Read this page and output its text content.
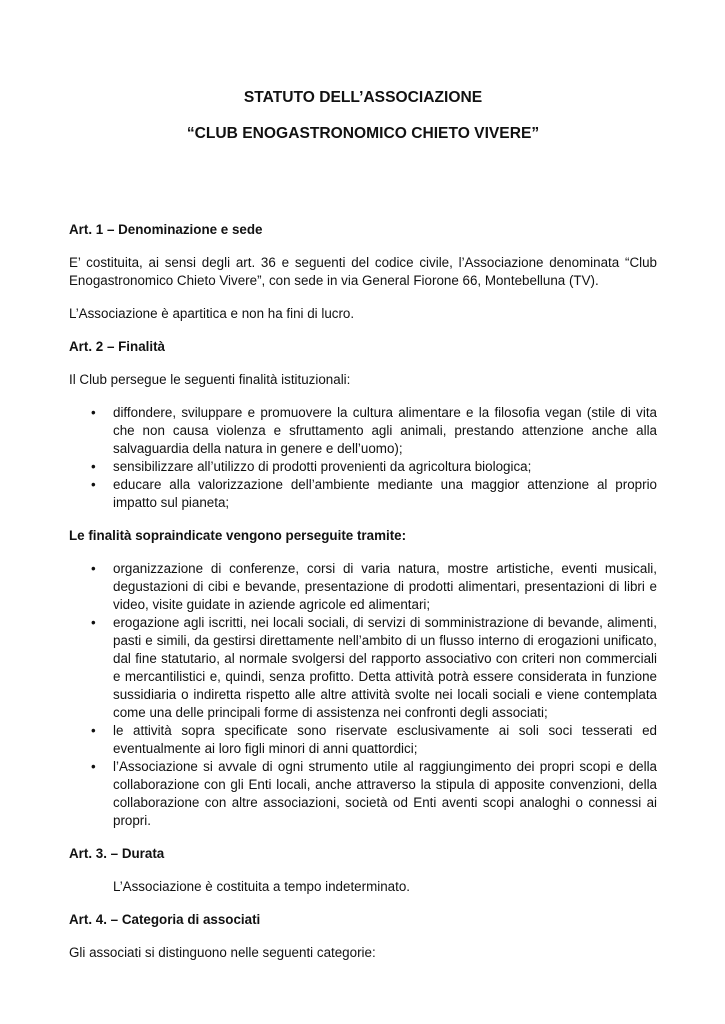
STATUTO DELL’ASSOCIAZIONE

“CLUB ENOGASTRONOMICO CHIETO VIVERE”

Art. 1 – Denominazione e sede

E’ costituita, ai sensi degli art. 36 e seguenti del codice civile, l’Associazione denominata “Club Enogastronomico Chieto Vivere”, con sede in via General Fiorone 66, Montebelluna (TV).

L’Associazione è apartitica e non ha fini di lucro.

Art. 2 – Finalità

Il Club persegue le seguenti finalità istituzionali:

• diffondere, sviluppare e promuovere la cultura alimentare e la filosofia vegan (stile di vita che non causa violenza e sfruttamento agli animali, prestando attenzione anche alla salvaguardia della natura in genere e dell’uomo);
• sensibilizzare all’utilizzo di prodotti provenienti da agricoltura biologica;
• educare alla valorizzazione dell’ambiente mediante una maggior attenzione al proprio impatto sul pianeta;
Le finalità sopraindicate vengono perseguite tramite:
• organizzazione di conferenze, corsi di varia natura, mostre artistiche, eventi musicali, degustazioni di cibi e bevande, presentazione di prodotti alimentari, presentazioni di libri e video, visite guidate in aziende agricole ed alimentari;
• erogazione agli iscritti, nei locali sociali, di servizi di somministrazione di bevande, alimenti, pasti e simili, da gestirsi direttamente nell’ambito di un flusso interno di erogazioni unificato, dal fine statutario, al normale svolgersi del rapporto associativo con criteri non commerciali e mercantilistici e, quindi, senza profitto. Detta attività potrà essere considerata in funzione sussidiaria o indiretta rispetto alle altre attività svolte nei locali sociali e viene contemplata come una delle principali forme di assistenza nei confronti degli associati;
• le attività sopra specificate sono riservate esclusivamente ai soli soci tesserati ed eventualmente ai loro figli minori di anni quattordici;
• l’Associazione si avvale di ogni strumento utile al raggiungimento dei propri scopi e della collaborazione con gli Enti locali, anche attraverso la stipula di apposite convenzioni, della collaborazione con altre associazioni, società od Enti aventi scopi analoghi o connessi ai propri.
Art. 3. – Durata

L’Associazione è costituita a tempo indeterminato.

Art. 4. – Categoria di associati

Gli associati si distinguono nelle seguenti categorie:
